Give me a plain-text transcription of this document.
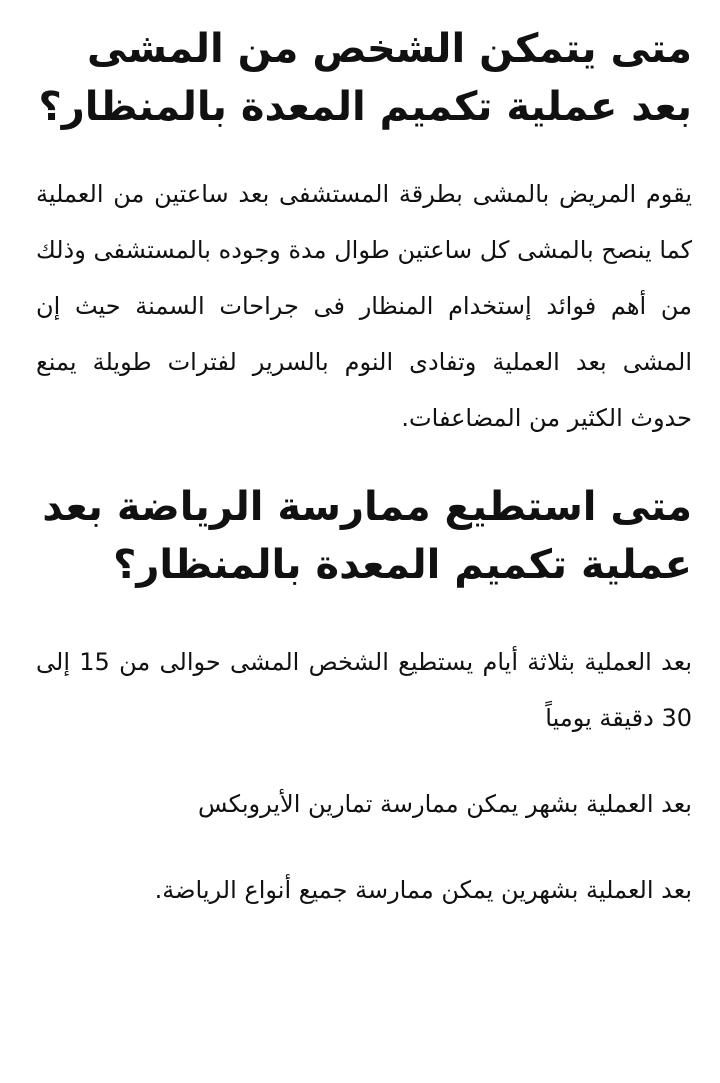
متى يتمكن الشخص من المشى بعد عملية تكميم المعدة بالمنظار؟

يقوم المريض بالمشى بطرقة المستشفى بعد ساعتين من العملية كما ينصح بالمشى كل ساعتين طوال مدة وجوده بالمستشفى وذلك من أهم فوائد إستخدام المنظار فى جراحات السمنة حيث إن المشى بعد العملية وتفادى النوم بالسرير لفترات طويلة يمنع حدوث الكثير من المضاعفات.

متى استطيع ممارسة الرياضة بعد عملية تكميم المعدة بالمنظار؟

بعد العملية بثلاثة أيام يستطيع الشخص المشى حوالى من 15 إلى 30 دقيقة يومياً

بعد العملية بشهر يمكن ممارسة تمارين الأيروبكس

بعد العملية بشهرين يمكن ممارسة جميع أنواع الرياضة.
